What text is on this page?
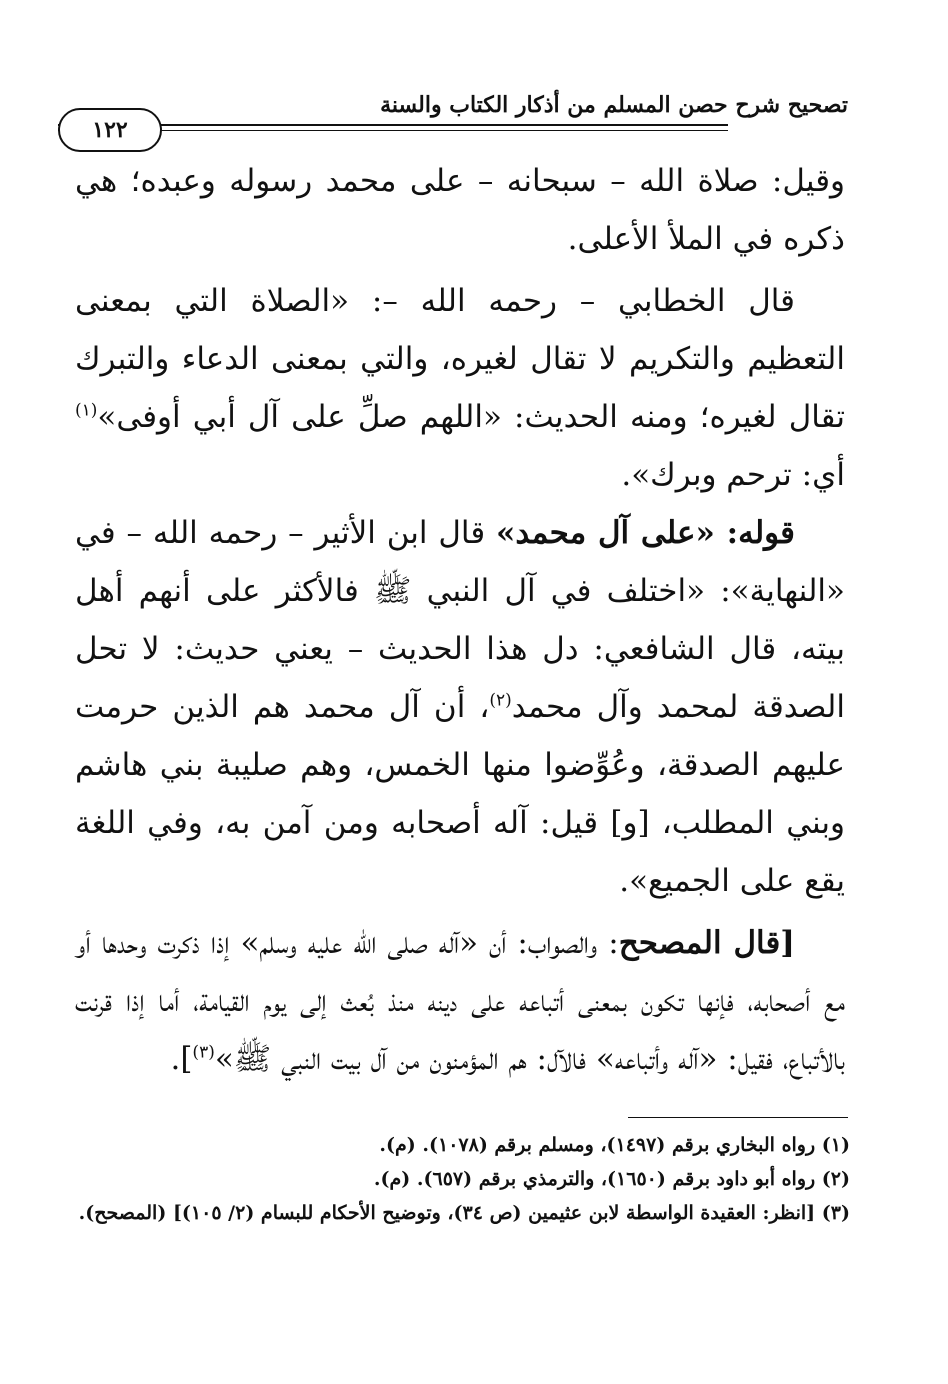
تصحيح شرح حصن المسلم من أذكار الكتاب والسنة
١٢٢

وقيل: صلاة الله – سبحانه – على محمد رسوله وعبده؛ هي ذكره في الملأ الأعلى.

قال الخطابي – رحمه الله –: «الصلاة التي بمعنى التعظيم والتكريم لا تقال لغيره، والتي بمعنى الدعاء والتبرك تقال لغيره؛ ومنه الحديث: «اللهم صلِّ على آل أبي أوفى»$^{(١)}$ أي: ترحم وبرك».

قوله: «على آل محمد» قال ابن الأثير – رحمه الله – في «النهاية»: «اختلف في آل النبي ﷺ فالأكثر على أنهم أهل بيته، قال الشافعي: دل هذا الحديث – يعني حديث: لا تحل الصدقة لمحمد وآل محمد$^{(٢)}$، أن آل محمد هم الذين حرمت عليهم الصدقة، وعُوِّضوا منها الخمس، وهم صليبة بني هاشم وبني المطلب، [و] قيل: آله أصحابه ومن آمن به، وفي اللغة يقع على الجميع».

[قال المصحح: والصواب: أن «آله صلى الله عليه وسلم» إذا ذكرت وحدها أو مع أصحابه، فإنها تكون بمعنى أتباعه على دينه منذ بُعث إلى يوم القيامة، أما إذا قرنت بالأتباع، فقيل: «آله وأتباعه» فالآل: هم المؤمنون من آل بيت النبي ﷺ»$^{(٣)}$].

(١) رواه البخاري برقم (١٤٩٧)، ومسلم برقم (١٠٧٨). (م).

(٢) رواه أبو داود برقم (١٦٥٠)، والترمذي برقم (٦٥٧). (م).

(٣) [انظر: العقيدة الواسطة لابن عثيمين (ص ٣٤)، وتوضيح الأحكام للبسام (٢/ ١٠٥)] (المصحح).
